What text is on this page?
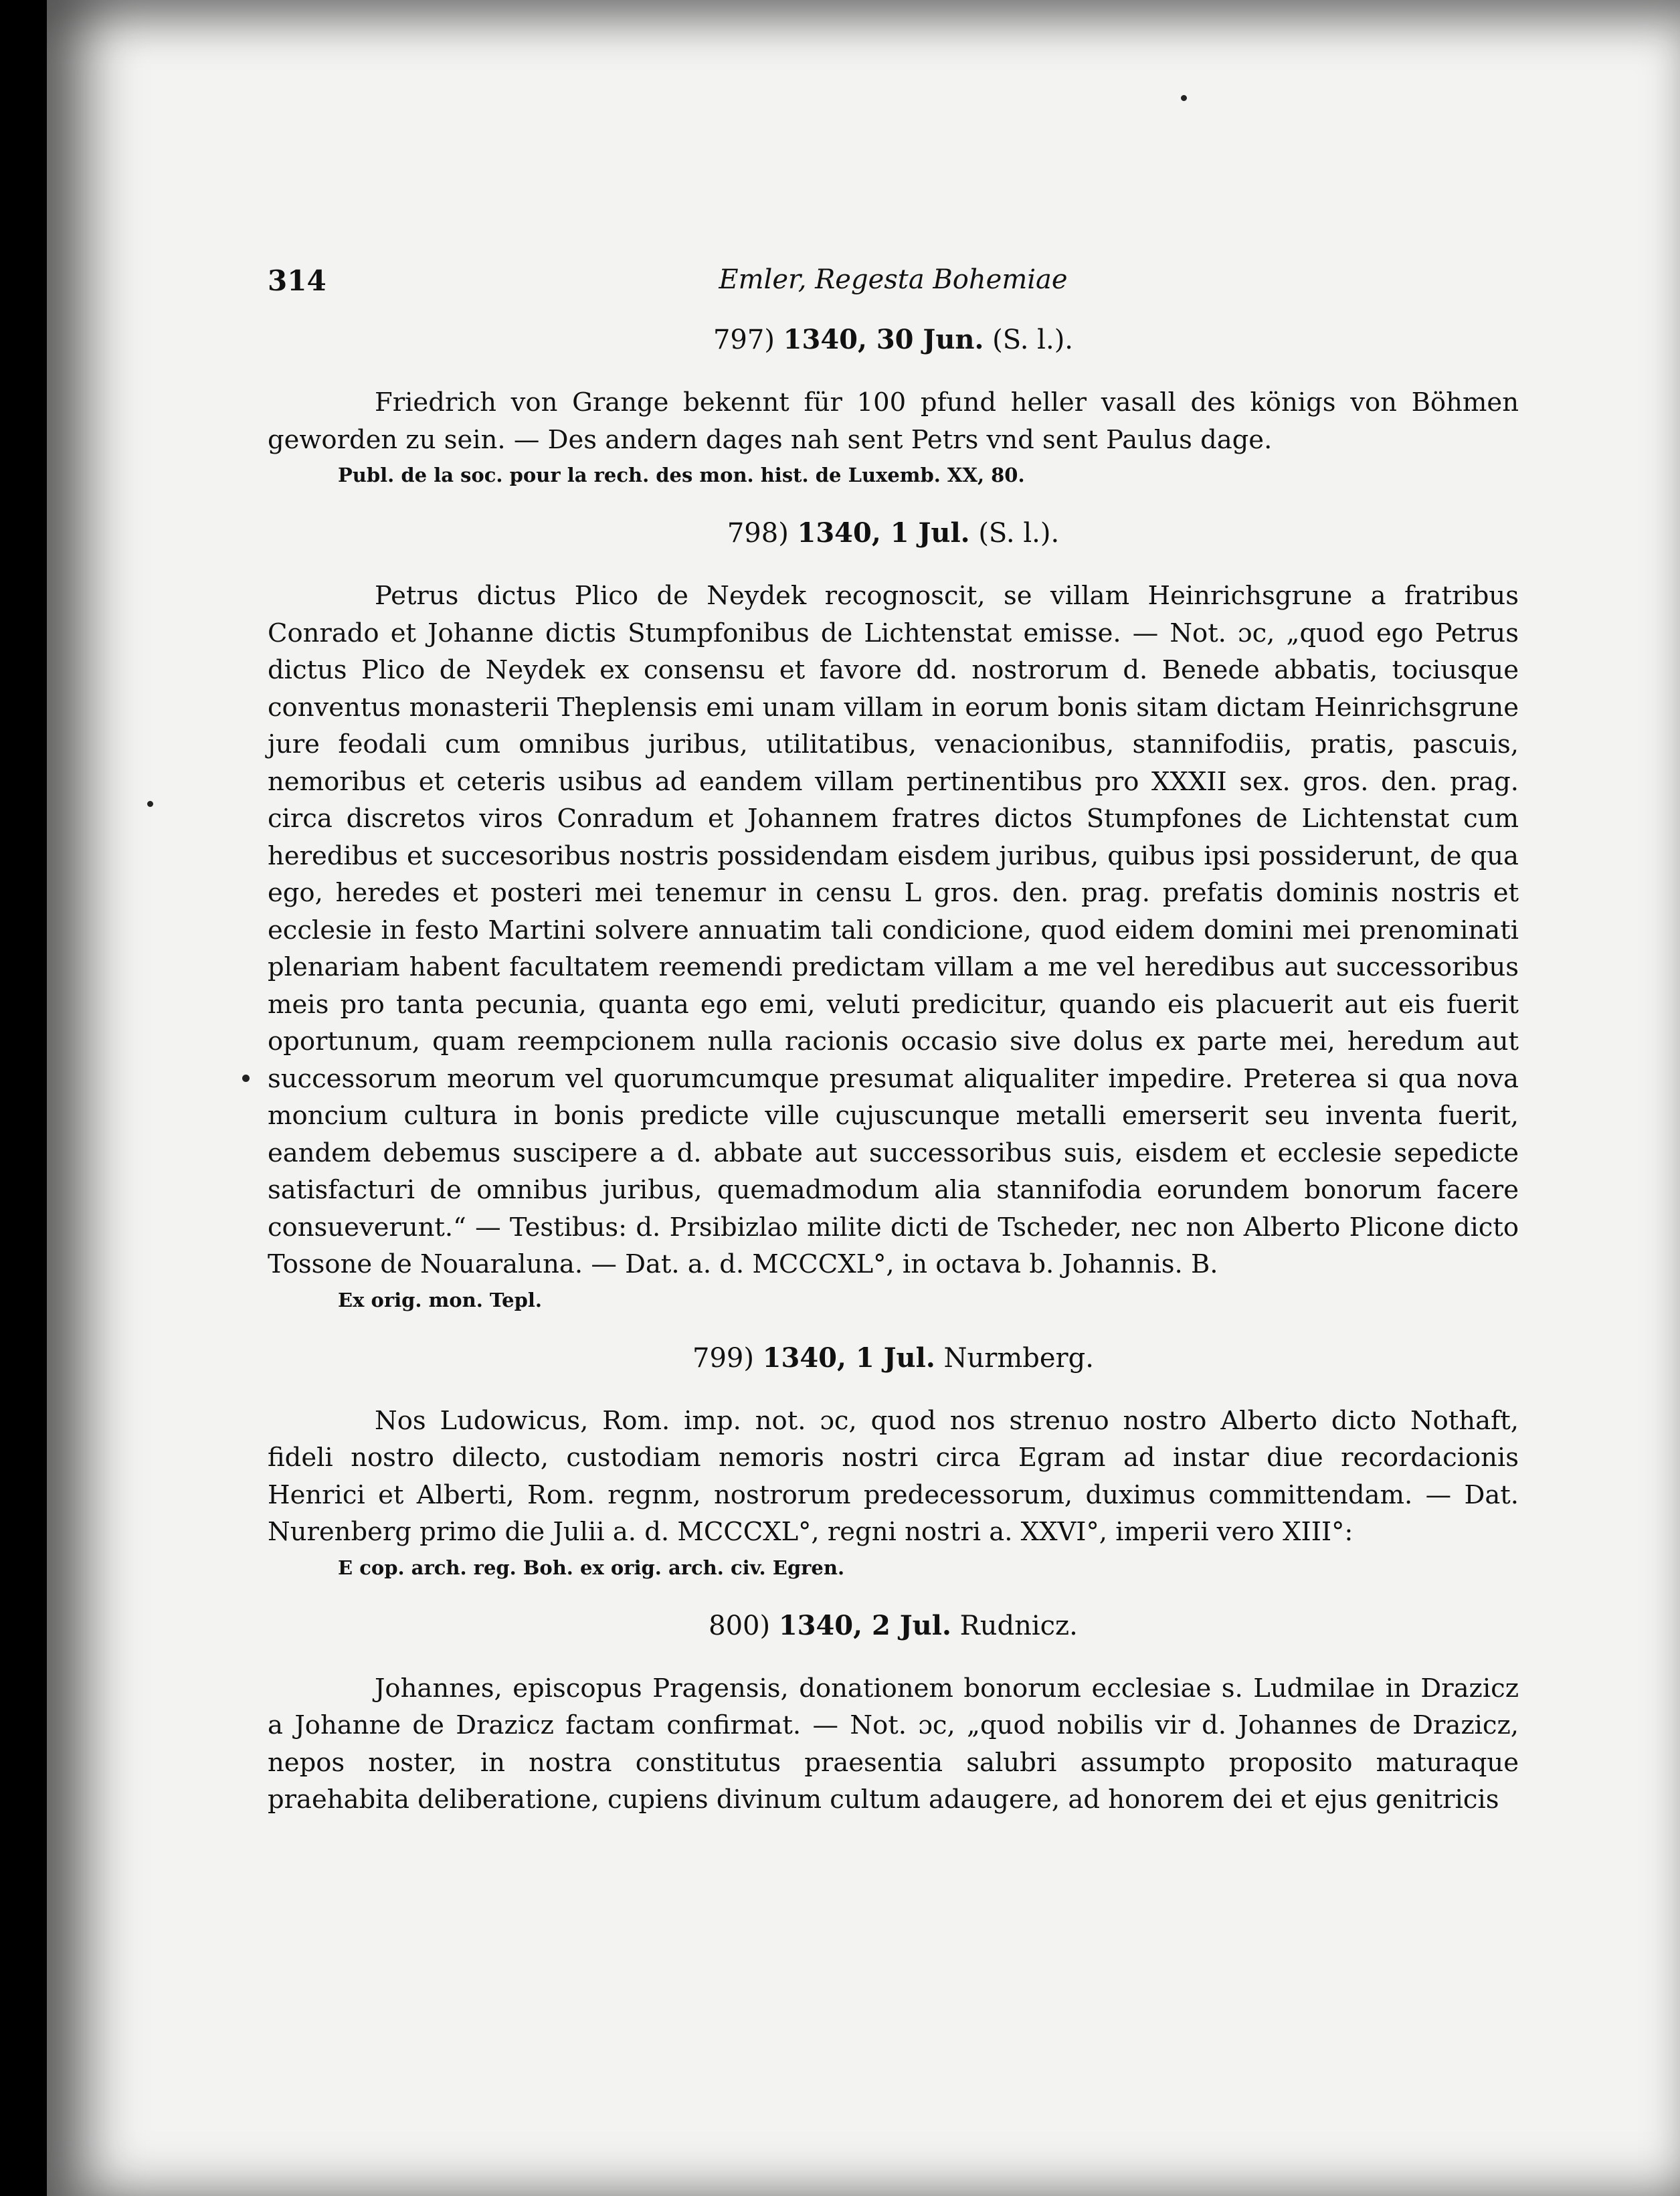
314	Emler, Regesta Bohemiae
797) 1340, 30 Jun. (S. l.).

Friedrich von Grange bekennt für 100 pfund heller vasall des königs von Böhmen geworden zu sein. — Des andern dages nah sent Petrs vnd sent Paulus dage.

Publ. de la soc. pour la rech. des mon. hist. de Luxemb. XX, 80.
798) 1340, 1 Jul. (S. l.).

Petrus dictus Plico de Neydek recognoscit, se villam Heinrichsgrune a fratribus Conrado et Johanne dictis Stumpfonibus de Lichtenstat emisse. — Not. ɔc, „quod ego Petrus dictus Plico de Neydek ex consensu et favore dd. nostrorum d. Benede abbatis, tociusque conventus monasterii Theplensis emi unam villam in eorum bonis sitam dictam Heinrichsgrune jure feodali cum omnibus juribus, utilitatibus, venacionibus, stannifodiis, pratis, pascuis, nemoribus et ceteris usibus ad eandem villam pertinentibus pro XXXII sex. gros. den. prag. circa discretos viros Conradum et Johannem fratres dictos Stumpfones de Lichtenstat cum heredibus et succesoribus nostris possidendam eisdem juribus, quibus ipsi possiderunt, de qua ego, heredes et posteri mei tenemur in censu L gros. den. prag. prefatis dominis nostris et ecclesie in festo Martini solvere annuatim tali condicione, quod eidem domini mei prenominati plenariam habent facultatem reemendi predictam villam a me vel heredibus aut successoribus meis pro tanta pecunia, quanta ego emi, veluti predicitur, quando eis placuerit aut eis fuerit oportunum, quam reempcionem nulla racionis occasio sive dolus ex parte mei, heredum aut successorum meorum vel quorumcumque presumat aliqualiter impedire. Preterea si qua nova moncium cultura in bonis predicte ville cujuscunque metalli emerserit seu inventa fuerit, eandem debemus suscipere a d. abbate aut successoribus suis, eisdem et ecclesie sepedicte satisfacturi de omnibus juribus, quemadmodum alia stannifodia eorundem bonorum facere consueverunt.“ — Testibus: d. Prsibizlao milite dicti de Tscheder, nec non Alberto Plicone dicto Tossone de Nouaraluna. — Dat. a. d. MCCCXL°, in octava b. Johannis. B.

Ex orig. mon. Tepl.
799) 1340, 1 Jul. Nurmberg.

Nos Ludowicus, Rom. imp. not. ɔc, quod nos strenuo nostro Alberto dicto Nothaft, fideli nostro dilecto, custodiam nemoris nostri circa Egram ad instar diue recordacionis Henrici et Alberti, Rom. regnm, nostrorum predecessorum, duximus committendam. — Dat. Nurenberg primo die Julii a. d. MCCCXL°, regni nostri a. XXVI°, imperii vero XIII°:

E cop. arch. reg. Boh. ex orig. arch. civ. Egren.
800) 1340, 2 Jul. Rudnicz.

Johannes, episcopus Pragensis, donationem bonorum ecclesiae s. Ludmilae in Drazicz a Johanne de Drazicz factam confirmat. — Not. ɔc, „quod nobilis vir d. Johannes de Drazicz, nepos noster, in nostra constitutus praesentia salubri assumpto proposito maturaque praehabita deliberatione, cupiens divinum cultum adaugere, ad honorem dei et ejus genitricis
